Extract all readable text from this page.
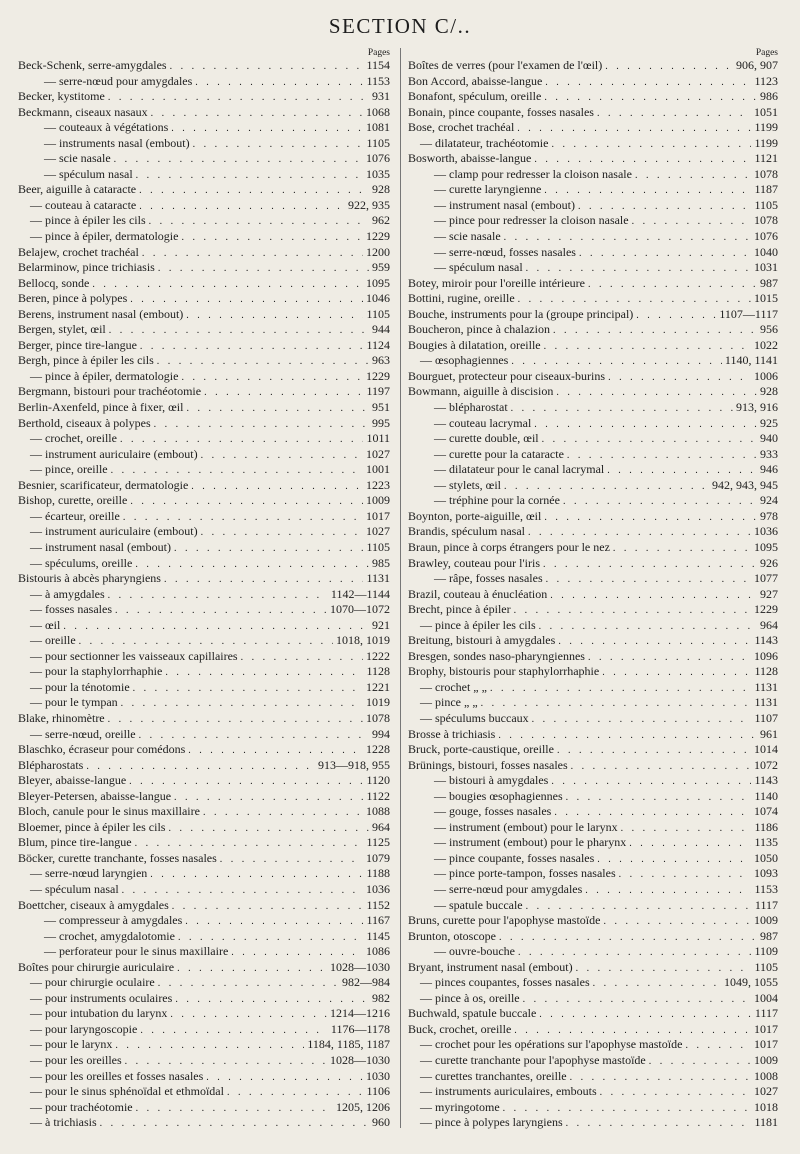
SECTION C/..
Pages
Beck-Schenk, serre-amygdales . . .	1154
— serre-nœud pour amygdales . . .	1153
Becker, kystitome . . .	931
Beckmann, ciseaux nasaux . . .	1068
— couteaux à végétations . . .	1081
— instruments nasal (embout) . . .	1105
— scie nasale . . .	1076
— spéculum nasal . . .	1035
Beer, aiguille à cataracte . . .	928
— couteau à cataracte . . .	922, 935
— pince à épiler les cils . . .	962
— pince à épiler, dermatologie . . .	1229
Belajew, crochet trachéal . . .	1200
Belarminow, pince trichiasis . . .	959
Bellocq, sonde . . .	1095
Beren, pince à polypes . . .	1046
Berens, instrument nasal (embout) . . .	1105
Bergen, stylet, œil . . .	944
Berger, pince tire-langue . . .	1124
Bergh, pince à épiler les cils . . .	963
— pince à épiler, dermatologie . . .	1229
Bergmann, bistouri pour trachéotomie . . .	1197
Berlin-Axenfeld, pince à fixer, œil . . .	951
Berthold, ciseaux à polypes . . .	995
— crochet, oreille . . .	1011
— instrument auriculaire (embout) . . .	1027
— pince, oreille . . .	1001
Besnier, scarificateur, dermatologie . . .	1223
Bishop, curette, oreille . . .	1009
— écarteur, oreille . . .	1017
— instrument auriculaire (embout) . . .	1027
— instrument nasal (embout) . . .	1105
— spéculums, oreille . . .	985
Bistouris à abcès pharyngiens . . .	1131
— à amygdales . . .	1142—1144
— fosses nasales . . .	1070—1072
— œil . . .	921
— oreille . . .	1018, 1019
— pour sectionner les vaisseaux capillaires . . .	1222
— pour la staphylorrhaphie . . .	1128
— pour la ténotomie . . .	1221
— pour le tympan . . .	1019
Blake, rhinomètre . . .	1078
— serre-nœud, oreille . . .	994
Blaschko, écraseur pour comédons . . .	1228
Blépharostats . . .	913—918, 955
Bleyer, abaisse-langue . . .	1120
Bleyer-Petersen, abaisse-langue . . .	1122
Bloch, canule pour le sinus maxillaire . . .	1088
Bloemer, pince à épiler les cils . . .	964
Blum, pince tire-langue . . .	1125
Böcker, curette tranchante, fosses nasales . . .	1079
— serre-nœud laryngien . . .	1188
— spéculum nasal . . .	1036
Boettcher, ciseaux à amygdales . . .	1152
— compresseur à amygdales . . .	1167
— crochet, amygdalotomie . . .	1145
— perforateur pour le sinus maxillaire . . .	1086
Boîtes pour chirurgie auriculaire . . .	1028—1030
— pour chirurgie oculaire . . .	982—984
— pour instruments oculaires . . .	982
— pour intubation du larynx . . .	1214—1216
— pour laryngoscopie . . .	1176—1178
— pour le larynx . . .	1184, 1185, 1187
— pour les oreilles . . .	1028—1030
— pour les oreilles et fosses nasales . . .	1030
— pour le sinus sphénoïdal et ethmoïdal . . .	1106
— pour trachéotomie . . .	1205, 1206
— à trichiasis . . .	960
Pages
Boîtes de verres (pour l'examen de l'œil) . . .	906, 907
Bon Accord, abaisse-langue . . .	1123
Bonafont, spéculum, oreille . . .	986
Bonain, pince coupante, fosses nasales . . .	1051
Bose, crochet trachéal . . .	1199
— dilatateur, trachéotomie . . .	1199
Bosworth, abaisse-langue . . .	1121
— clamp pour redresser la cloison nasale . . .	1078
— curette laryngienne . . .	1187
— instrument nasal (embout) . . .	1105
— pince pour redresser la cloison nasale . . .	1078
— scie nasale . . .	1076
— serre-nœud, fosses nasales . . .	1040
— spéculum nasal . . .	1031
Botey, miroir pour l'oreille intérieure . . .	987
Bottini, rugine, oreille . . .	1015
Bouche, instruments pour la (groupe principal) . . .	1107—1117
Boucheron, pince à chalazion . . .	956
Bougies à dilatation, oreille . . .	1022
— œsophagiennes . . .	1140, 1141
Bourguet, protecteur pour ciseaux-burins . . .	1006
Bowmann, aiguille à discision . . .	928
— blépharostat . . .	913, 916
— couteau lacrymal . . .	925
— curette double, œil . . .	940
— curette pour la cataracte . . .	933
— dilatateur pour le canal lacrymal . . .	946
— stylets, œil . . .	942, 943, 945
— tréphine pour la cornée . . .	924
Boynton, porte-aiguille, œil . . .	978
Brandis, spéculum nasal . . .	1036
Braun, pince à corps étrangers pour le nez . . .	1095
Brawley, couteau pour l'iris . . .	926
— râpe, fosses nasales . . .	1077
Brazil, couteau à énucléation . . .	927
Brecht, pince à épiler . . .	1229
— pince à épiler les cils . . .	964
Breitung, bistouri à amygdales . . .	1143
Bresgen, sondes naso-pharyngiennes . . .	1096
Brophy, bistouris pour staphylorrhaphie . . .	1128
— crochet „ „ . . .	1131
— pince „ „ . . .	1131
— spéculums buccaux . . .	1107
Brosse à trichiasis . . .	961
Bruck, porte-caustique, oreille . . .	1014
Brünings, bistouri, fosses nasales . . .	1072
— bistouri à amygdales . . .	1143
— bougies œsophagiennes . . .	1140
— gouge, fosses nasales . . .	1074
— instrument (embout) pour le larynx . . .	1186
— instrument (embout) pour le pharynx . . .	1135
— pince coupante, fosses nasales . . .	1050
— pince porte-tampon, fosses nasales . . .	1093
— serre-nœud pour amygdales . . .	1153
— spatule buccale . . .	1117
Bruns, curette pour l'apophyse mastoïde . . .	1009
Brunton, otoscope . . .	987
— ouvre-bouche . . .	1109
Bryant, instrument nasal (embout) . . .	1105
— pinces coupantes, fosses nasales . . .	1049, 1055
— pince à os, oreille . . .	1004
Buchwald, spatule buccale . . .	1117
Buck, crochet, oreille . . .	1017
— crochet pour les opérations sur l'apophyse mastoïde . . .	1017
— curette tranchante pour l'apophyse mastoïde . . .	1009
— curettes tranchantes, oreille . . .	1008
— instruments auriculaires, embouts . . .	1027
— myringotome . . .	1018
— pince à polypes laryngiens . . .	1181
